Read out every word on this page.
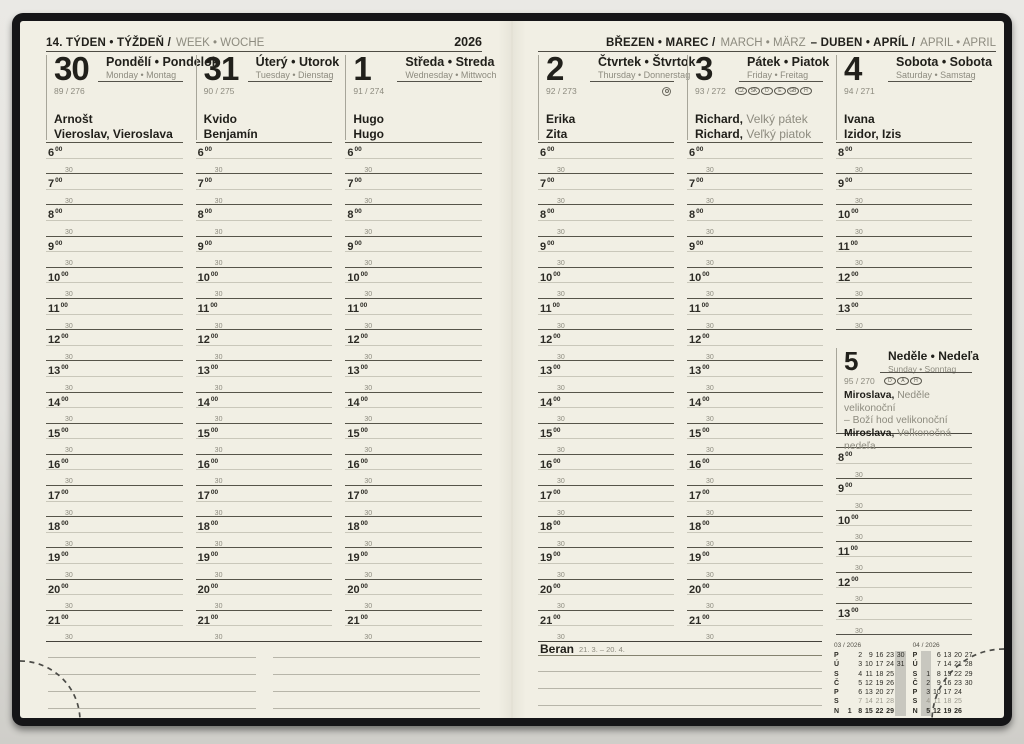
14. TÝDEN • TÝŽDEŇ / WEEK • WOCHE	2026
30 Pondělí • Pondelok
Monday • Montag
89 / 276
Arnošt
Vieroslav, Vieroslava
$6^{00}$
30
$7^{00}$
30
$8^{00}$
30
$9^{00}$
30
$10^{00}$
30
$11^{00}$
30
$12^{00}$
30
$13^{00}$
30
$14^{00}$
30
$15^{00}$
30
$16^{00}$
30
$17^{00}$
30
$18^{00}$
30
$19^{00}$
30
$20^{00}$
30
$21^{00}$
30
31 Úterý • Utorok
Tuesday • Dienstag
90 / 275
Kvido
Benjamín
$6^{00}$
30
$7^{00}$
30
$8^{00}$
30
$9^{00}$
30
$10^{00}$
30
$11^{00}$
30
$12^{00}$
30
$13^{00}$
30
$14^{00}$
30
$15^{00}$
30
$16^{00}$
30
$17^{00}$
30
$18^{00}$
30
$19^{00}$
30
$20^{00}$
30
$21^{00}$
30
1	Středa • Streda
Wednesday • Mittwoch
91 / 274
Hugo
Hugo
$6^{00}$
30
$7^{00}$
30
$8^{00}$
30
$9^{00}$
30
$10^{00}$
30
$11^{00}$
30
$12^{00}$
30
$13^{00}$
30
$14^{00}$
30
$15^{00}$
30
$16^{00}$
30
$17^{00}$
30
$18^{00}$
30
$19^{00}$
30
$20^{00}$
30
$21^{00}$
30
BŘEZEN • MAREC / MARCH • MÄRZ – DUBEN • APRÍL / APRIL • APRIL
2	Čtvrtek • Štvrtok
Thursday • Donnerstag
92 / 273
Erika
Zita
$6^{00}$
30
$7^{00}$
30
$8^{00}$
30
$9^{00}$
30
$10^{00}$
30
$11^{00}$
30
$12^{00}$
30
$13^{00}$
30
$14^{00}$
30
$15^{00}$
30
$16^{00}$
30
$17^{00}$
30
$18^{00}$
30
$19^{00}$
30
$20^{00}$
30
$21^{00}$
30
3	Pátek • Piatok
Friday • Freitag
93 / 272	CZ	SK	D	E	GB	H
Richard, Velký pátek
Richard, Veľký piatok
$6^{00}$
30
$7^{00}$
30
$8^{00}$
30
$9^{00}$
30
$10^{00}$
30
$11^{00}$
30
$12^{00}$
30
$13^{00}$
30
$14^{00}$
30
$15^{00}$
30
$16^{00}$
30
$17^{00}$
30
$18^{00}$
30
$19^{00}$
30
$20^{00}$
30
$21^{00}$
30
4	Sobota • Sobota
Saturday • Samstag
94 / 271
Ivana
Izidor, Izis
$8^{00}$
30
$9^{00}$
30
$10^{00}$
30
$11^{00}$
30
$12^{00}$
30
$13^{00}$
30
5	Neděle • Nedeľa
Sunday • Sonntag
95 / 270	D	A	H
Miroslava, Neděle velikonoční
– Boží hod velikonoční
Miroslava, Veľkonočná nedeľa
$8^{00}$
30
$9^{00}$
30
$10^{00}$
30
$11^{00}$
30
$12^{00}$
30
$13^{00}$
30
Beran 21. 3. – 20. 4.	03 / 2026
P	2 9 16 23 30
Ú	3 10 17 24 31
S	4 11 18 25
Č	5 12 19 26
P	6 13 20 27
S	7 14 21 28
N	1 8 15 22 29
04 / 2026
P	6 13 20 27
Ú	7 14 21 28
S	1 8 15 22 29
Č	2 9 16 23 30
P	3 10 17 24
S	4 11 18 25
N	5 12 19 26
